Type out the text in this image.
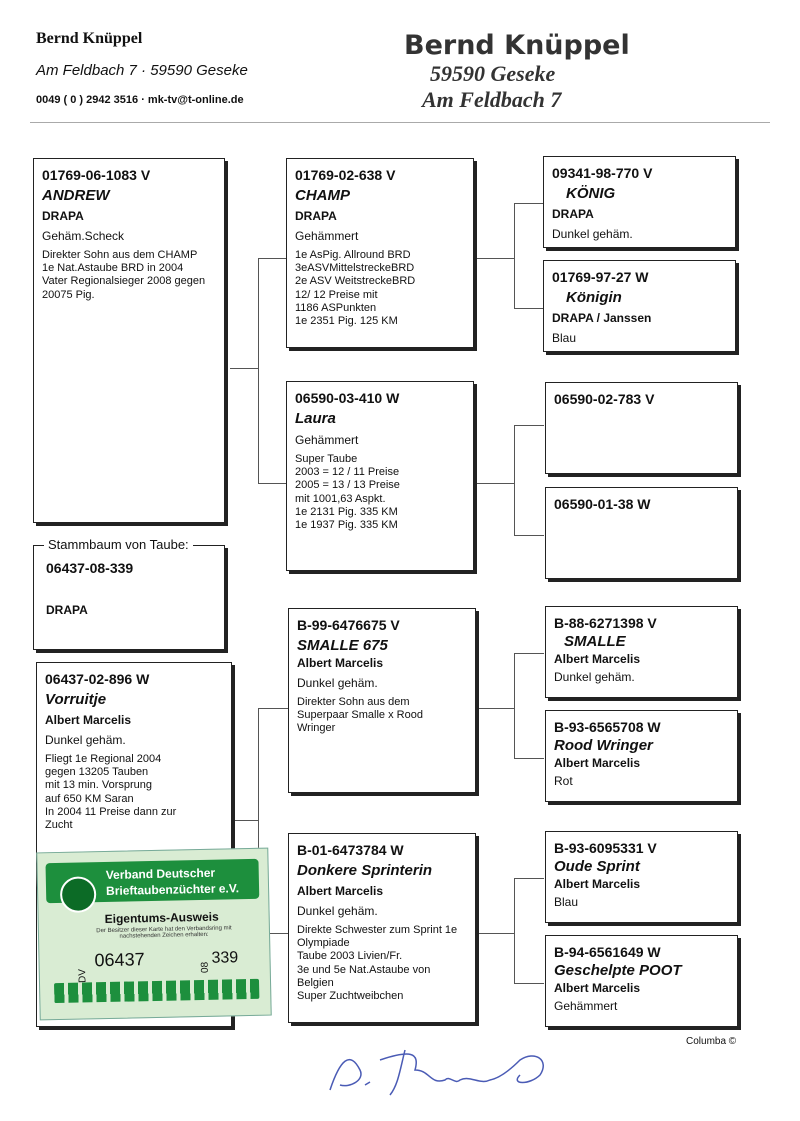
Bernd Knüppel
Am Feldbach 7 · 59590 Geseke
0049 ( 0 ) 2942 3516 · mk-tv@t-online.de
Bernd Knüppel
59590 Geseke
Am Feldbach 7
01769-06-1083 V
ANDREW
DRAPA
Gehäm.Scheck
Direkter Sohn aus dem CHAMP
1e Nat.Astaube BRD in 2004
Vater Regionalsieger 2008 gegen
20075 Pig.
Stammbaum von Taube:
06437-08-339
DRAPA
06437-02-896 W
Vorruitje
Albert Marcelis
Dunkel gehäm.
Fliegt 1e Regional 2004
gegen 13205 Tauben
mit 13 min. Vorsprung
auf 650 KM Saran
In 2004 11 Preise dann zur
Zucht
01769-02-638 V
CHAMP
DRAPA
Gehämmert
1e AsPig. Allround BRD
3eASVMittelstreckeBRD
2e ASV WeitstreckeBRD
12/ 12 Preise mit
1186 ASPunkten
1e 2351 Pig. 125 KM
06590-03-410 W
Laura
Gehämmert
Super Taube
2003 = 12 / 11 Preise
2005 = 13 / 13 Preise
mit 1001,63 Aspkt.
1e 2131 Pig. 335 KM
1e 1937 Pig. 335 KM
B-99-6476675 V
SMALLE 675
Albert Marcelis
Dunkel gehäm.
Direkter Sohn aus dem
Superpaar Smalle x Rood
Wringer
B-01-6473784 W
Donkere Sprinterin
Albert Marcelis
Dunkel gehäm.
Direkte Schwester zum Sprint 1e
Olympiade
Taube 2003 Livien/Fr.
3e und 5e Nat.Astaube von
Belgien
Super Zuchtweibchen
09341-98-770 V
KÖNIG
DRAPA
Dunkel gehäm.
01769-97-27 W
Königin
DRAPA / Janssen
Blau
06590-02-783 V
06590-01-38 W
B-88-6271398 V
SMALLE
Albert Marcelis
Dunkel gehäm.
B-93-6565708 W
Rood Wringer
Albert Marcelis
Rot
B-93-6095331 V
Oude Sprint
Albert Marcelis
Blau
B-94-6561649 W
Geschelpte POOT
Albert Marcelis
Gehämmert
Verband Deutscher
Brieftaubenzüchter e.V.
Eigentums-Ausweis
Der Besitzer dieser Karte hat den Verbandsring mit nachstehenden Zeichen erhalten:
DV
06437	08
339
Columba ©
